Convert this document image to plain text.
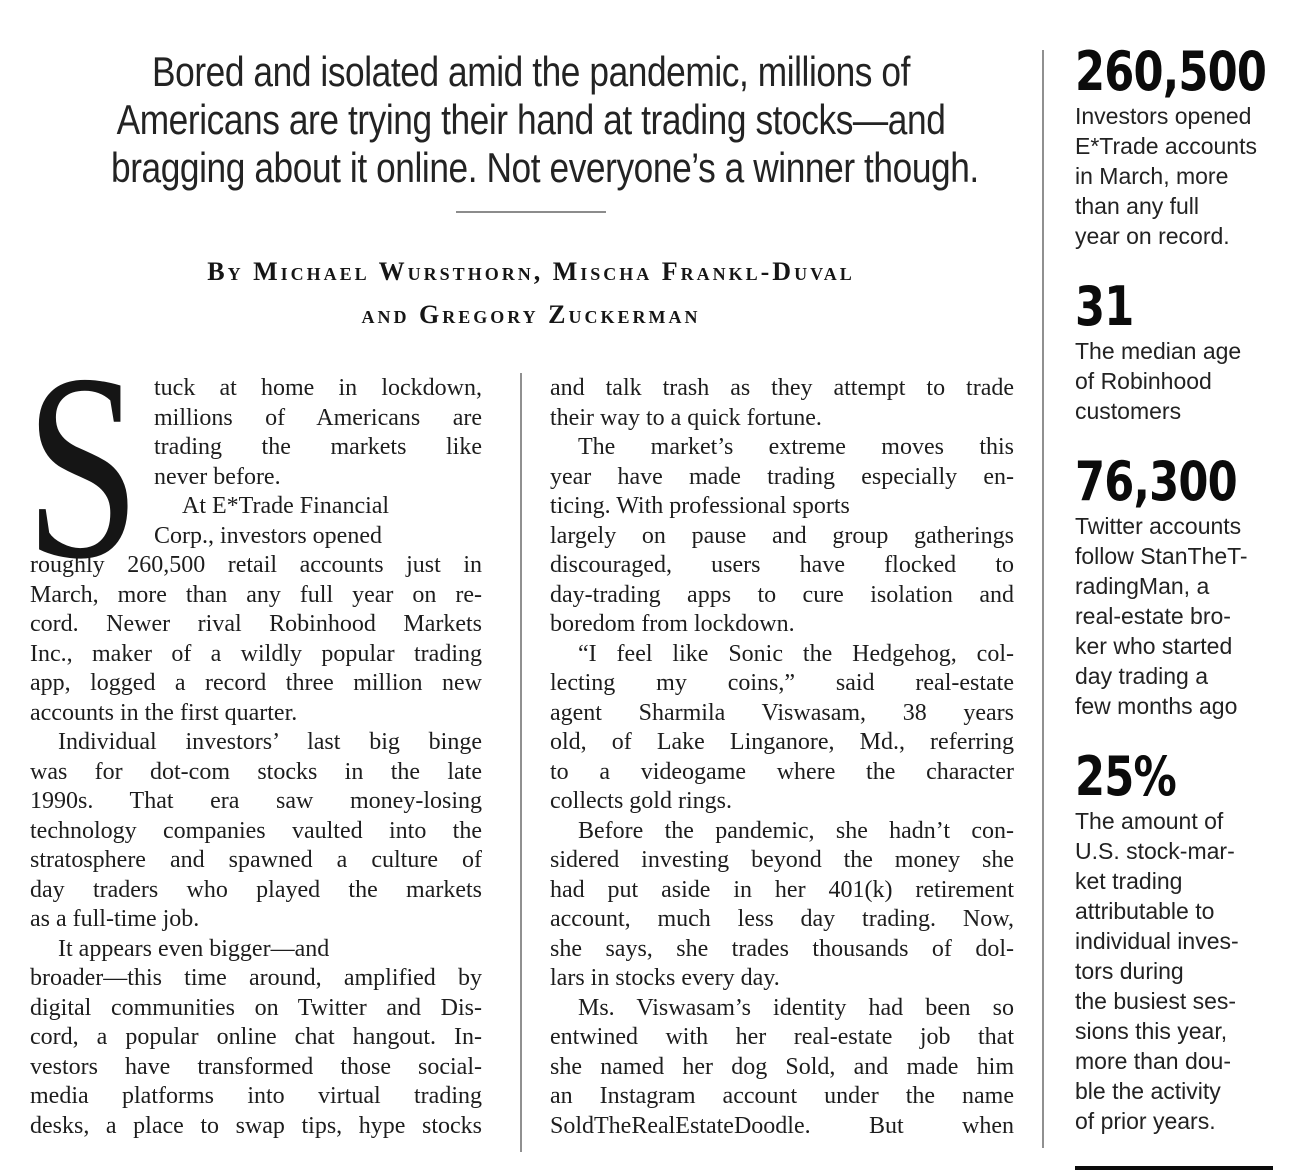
Bored and isolated amid the pandemic, millions of
Americans are trying their hand at trading stocks—and
bragging about it online. Not everyone’s a winner though.
By Michael Wursthorn, Mischa Frankl-Duval
and Gregory Zuckerman
S tuck at home in lockdown,
millions of Americans are
trading the markets like
never before.
At E*Trade Financial
Corp., investors opened
roughly 260,500 retail accounts just in
March, more than any full year on re-
cord. Newer rival Robinhood Markets
Inc., maker of a wildly popular trading
app, logged a record three million new
accounts in the first quarter.
Individual investors’ last big binge
was for dot-com stocks in the late
1990s. That era saw money-losing
technology companies vaulted into the
stratosphere and spawned a culture of
day traders who played the markets
as a full-time job.
It appears even bigger—and
broader—this time around, amplified by
digital communities on Twitter and Dis-
cord, a popular online chat hangout. In-
vestors have transformed those social-
media platforms into virtual trading
desks, a place to swap tips, hype stocks
and talk trash as they attempt to trade
their way to a quick fortune.
The market’s extreme moves this
year have made trading especially en-
ticing. With professional sports
largely on pause and group gatherings
discouraged, users have flocked to
day-trading apps to cure isolation and
boredom from lockdown.
“I feel like Sonic the Hedgehog, col-
lecting my coins,” said real-estate
agent Sharmila Viswasam, 38 years
old, of Lake Linganore, Md., referring
to a videogame where the character
collects gold rings.
Before the pandemic, she hadn’t con-
sidered investing beyond the money she
had put aside in her 401(k) retirement
account, much less day trading. Now,
she says, she trades thousands of dol-
lars in stocks every day.
Ms. Viswasam’s identity had been so
entwined with her real-estate job that
she named her dog Sold, and made him
an Instagram account under the name
SoldTheRealEstateDoodle. But when
260,500
Investors opened
E*Trade accounts
in March, more
than any full
year on record.
31
The median age
of Robinhood
customers
76,300
Twitter accounts
follow StanTheT-
radingMan, a
real-estate bro-
ker who started
day trading a
few months ago
25%
The amount of
U.S. stock-mar-
ket trading
attributable to
individual inves-
tors during
the busiest ses-
sions this year,
more than dou-
ble the activity
of prior years.
